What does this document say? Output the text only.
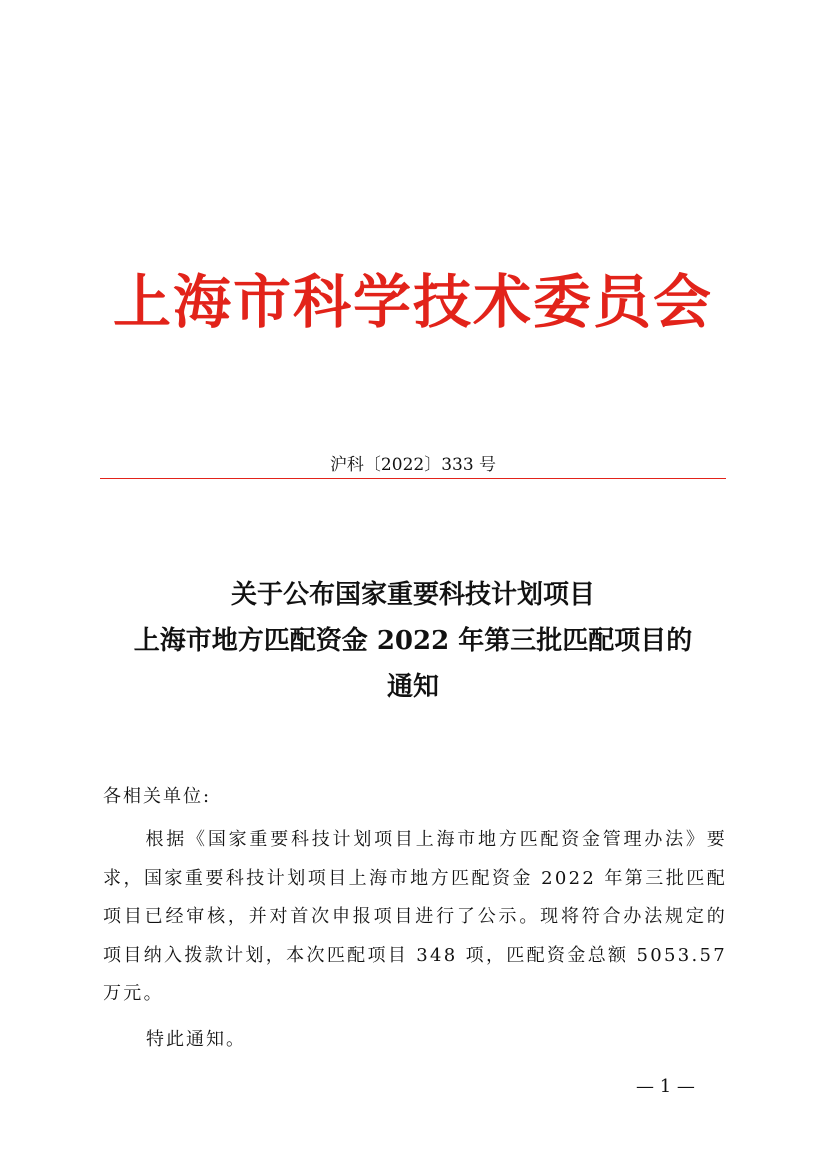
上海市科学技术委员会
沪科〔2022〕333 号
关于公布国家重要科技计划项目
上海市地方匹配资金 2022 年第三批匹配项目的
通知
各相关单位:
根据《国家重要科技计划项目上海市地方匹配资金管理办法》要求，国家重要科技计划项目上海市地方匹配资金 2022 年第三批匹配项目已经审核，并对首次申报项目进行了公示。现将符合办法规定的项目纳入拨款计划，本次匹配项目 348 项，匹配资金总额 5053.57 万元。
特此通知。
— 1 —
